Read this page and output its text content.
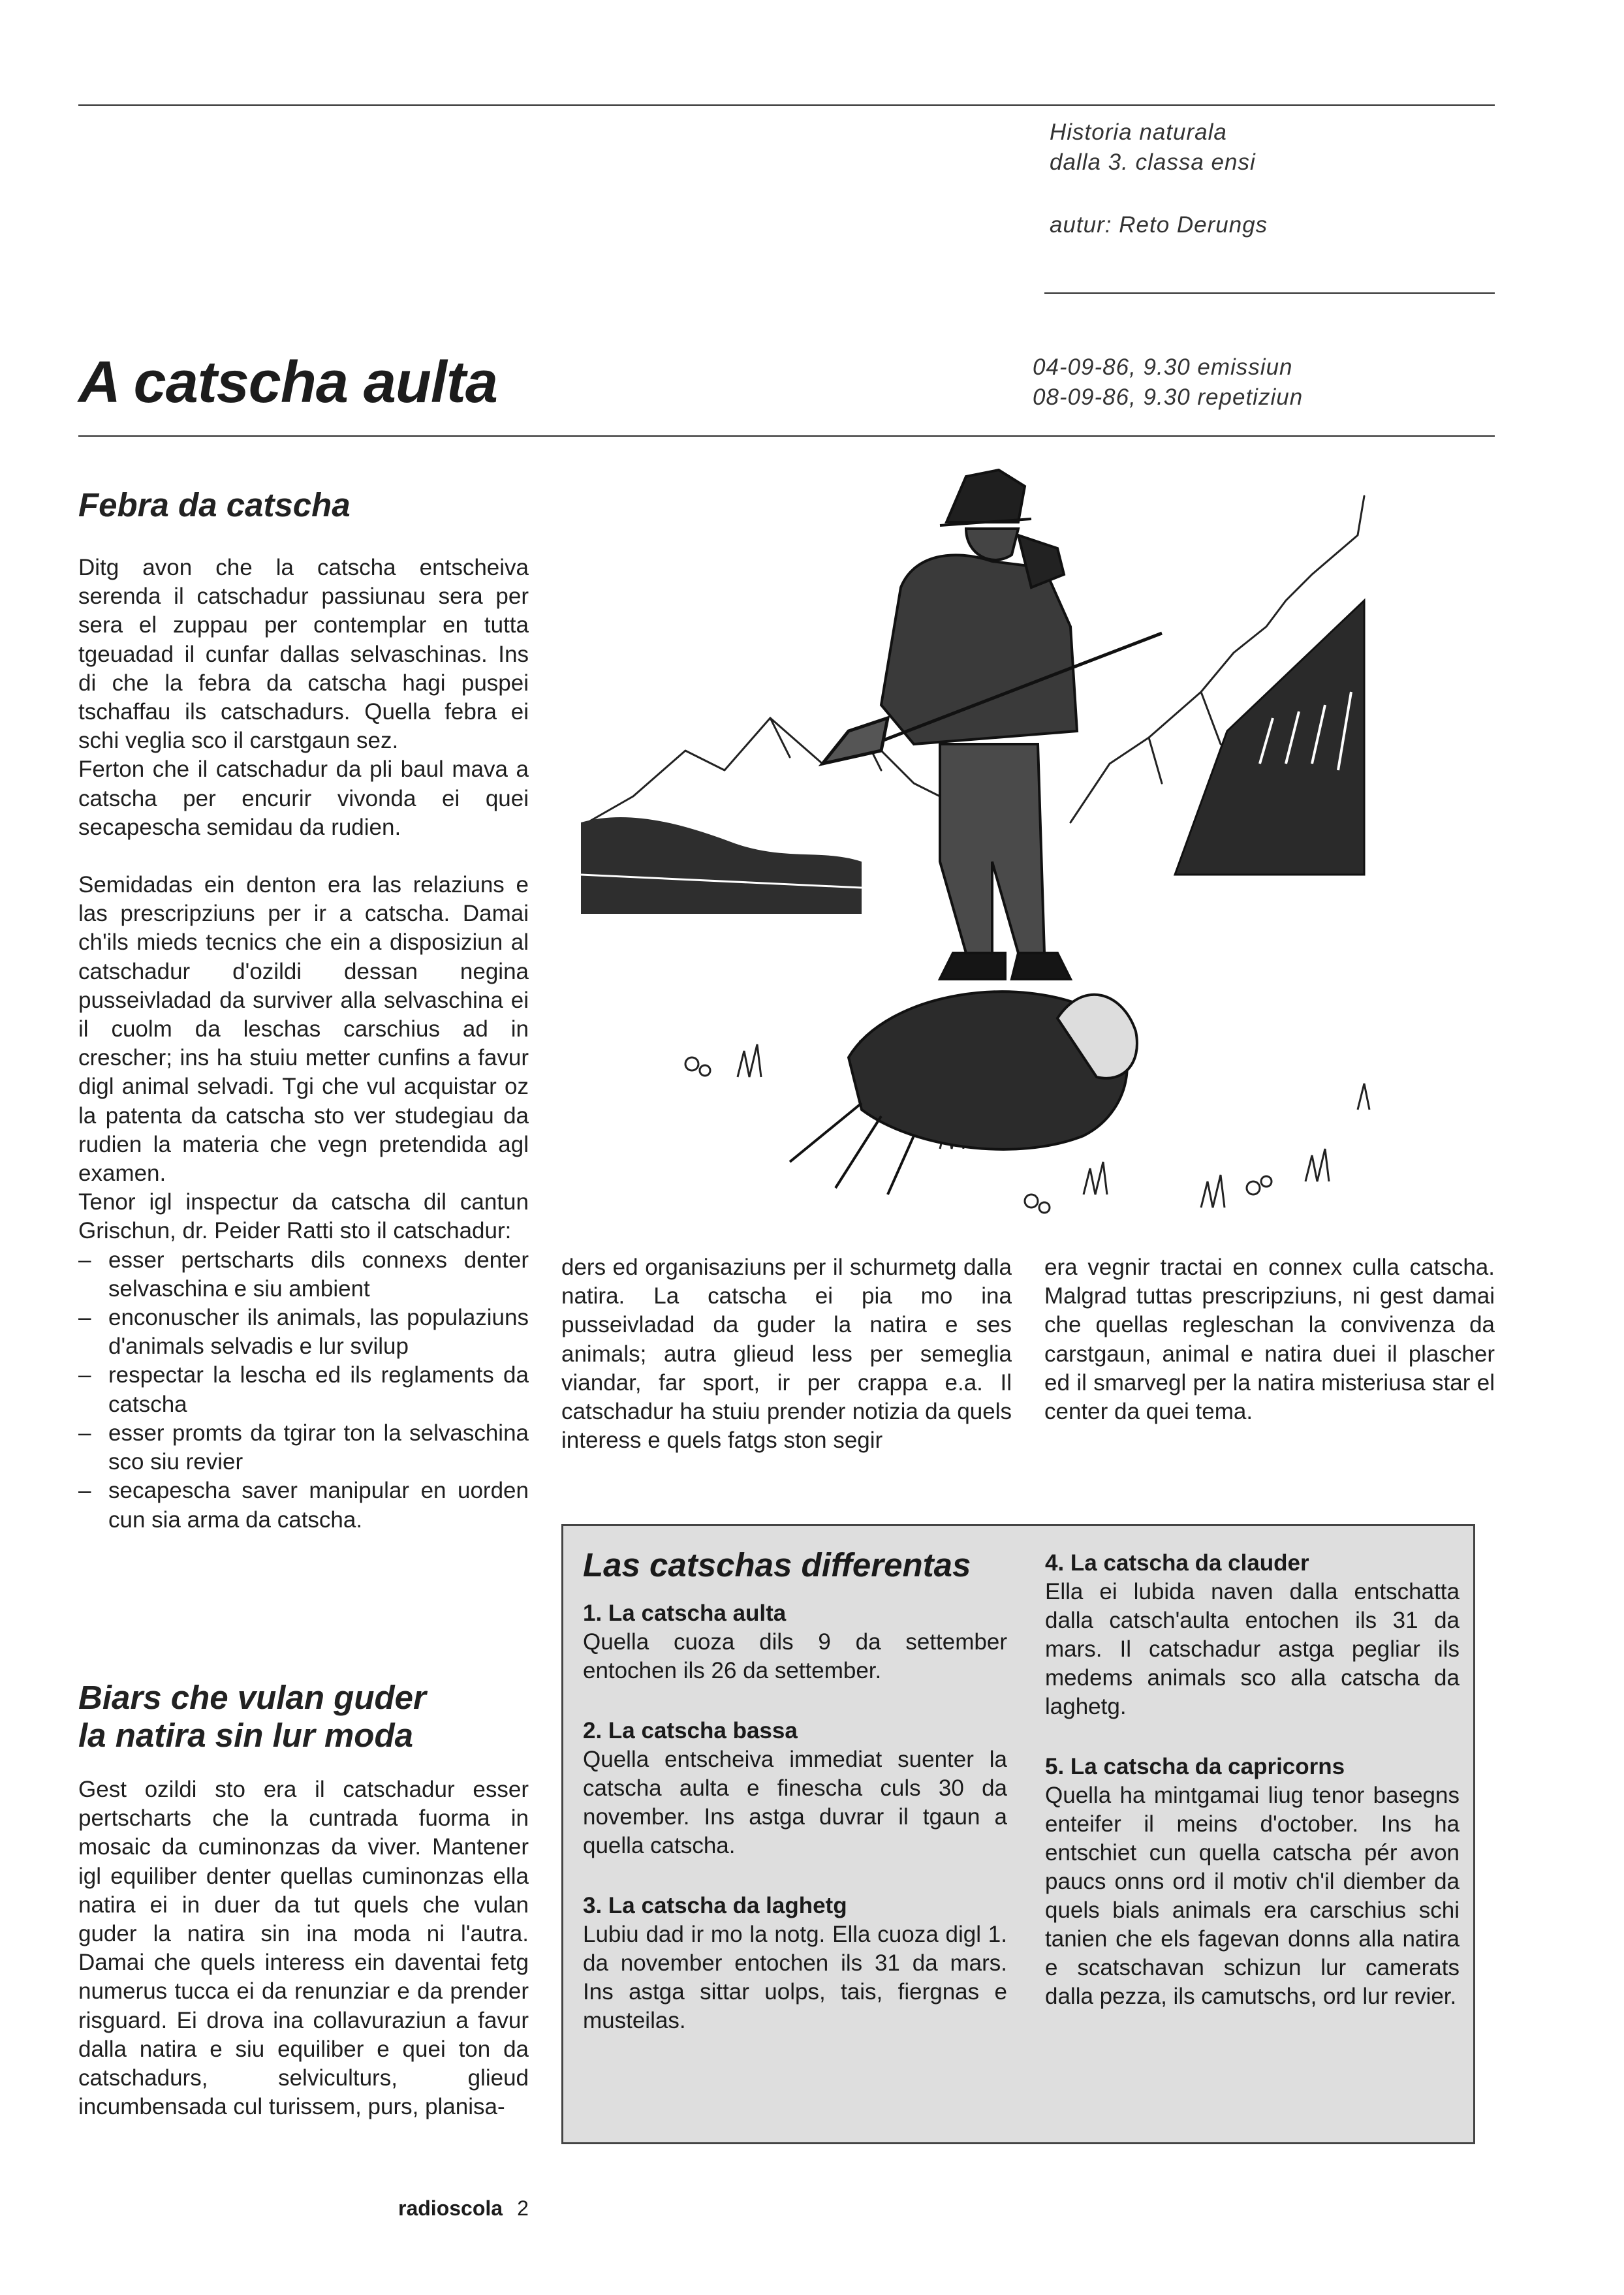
Historia naturala
dalla 3. classa ensi
autur: Reto Derungs
04-09-86, 9.30 emissiun
08-09-86, 9.30 repetiziun
A catscha aulta
Febra da catscha

Ditg avon che la catscha entscheiva serenda il catschadur passiunau sera per sera el zuppau per contemplar en tutta tgeuadad il cunfar dallas selvaschinas. Ins di che la febra da catscha hagi puspei tschaffau ils catschadurs. Quella febra ei schi veglia sco il carstgaun sez.

Ferton che il catschadur da pli baul mava a catscha per encurir vivonda ei quei secapescha semidau da rudien.

Semidadas ein denton era las relaziuns e las prescripziuns per ir a catscha. Damai ch'ils mieds tecnics che ein a disposiziun al catschadur d'ozildi dessan negina pusseivladad da surviver alla selvaschina ei il cuolm da leschas carschius ad in crescher; ins ha stuiu metter cunfins a favur digl animal selvadi. Tgi che vul acquistar oz la patenta da catscha sto ver studegiau da rudien la materia che vegn pretendida agl examen.

Tenor igl inspectur da catscha dil cantun Grischun, dr. Peider Ratti sto il catschadur:

– esser pertscharts dils connexs denter selvaschina e siu ambient
– enconuscher ils animals, las populaziuns d'animals selvadis e lur svilup
– respectar la lescha ed ils reglaments da catscha
– esser promts da tgirar ton la selvaschina sco siu revier
– secapescha saver manipular en uorden cun sia arma da catscha.
Biars che vulan guder
la natira sin lur moda

Gest ozildi sto era il catschadur esser pertscharts che la cuntrada fuorma in mosaic da cuminonzas da viver. Mantener igl equiliber denter quellas cuminonzas ella natira ei in duer da tut quels che vulan guder la natira sin ina moda ni l'autra. Damai che quels interess ein daventai fetg numerus tucca ei da renunziar e da prender risguard. Ei drova ina collavuraziun a favur dalla natira e siu equiliber e quei ton da catschadurs, selviculturs, glieud incumbensada cul turissem, purs, planisa-

ders ed organisaziuns per il schurmetg dalla natira. La catscha ei pia mo ina pusseivladad da guder la natira e ses animals; autra glieud less per semeglia viandar, far sport, ir per crappa e.a. Il catschadur ha stuiu prender notizia da quels interess e quels fatgs ston segir

era vegnir tractai en connex culla catscha. Malgrad tuttas prescripziuns, ni gest damai che quellas regleschan la convivenza da carstgaun, animal e natira duei il plascher ed il smarvegl per la natira misteriusa star el center da quei tema.

Las catschas differentas
1. La catscha aulta
Quella cuoza dils 9 da settember entochen ils 26 da settember.
2. La catscha bassa
Quella entscheiva immediat suenter la catscha aulta e finescha culs 30 da november. Ins astga duvrar il tgaun a quella catscha.
3. La catscha da laghetg
Lubiu dad ir mo la notg. Ella cuoza digl 1. da november entochen ils 31 da mars. Ins astga sittar uolps, tais, fiergnas e musteilas.
4. La catscha da clauder
Ella ei lubida naven dalla entschatta dalla catsch'aulta entochen ils 31 da mars. Il catschadur astga pegliar ils medems animals sco alla catscha da laghetg.
5. La catscha da capricorns
Quella ha mintgamai liug tenor basegns enteifer il meins d'october. Ins ha entschiet cun quella catscha pér avon paucs onns ord il motiv ch'il diember da quels bials animals era carschius schi tanien che els fagevan donns alla natira e scatschavan schizun lur camerats dalla pezza, ils camutschs, ord lur revier.
radioscola 2
